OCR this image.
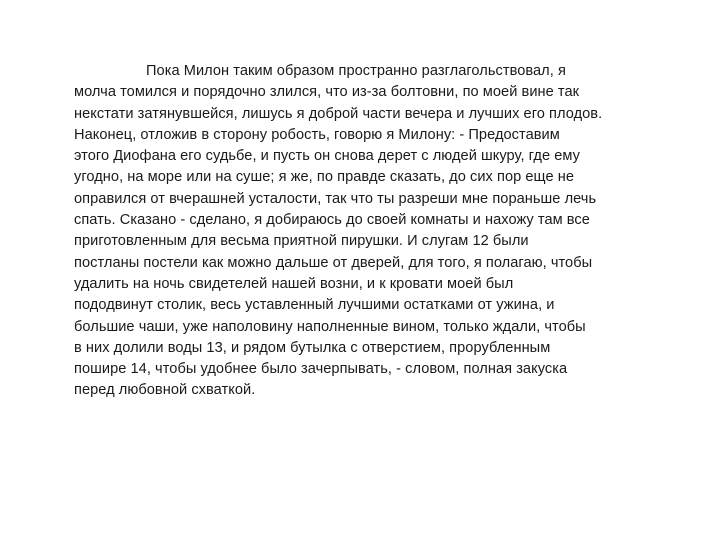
Пока Милон таким образом пространно разглагольствовал, я
молча томился и порядочно злился, что из-за болтовни, по моей вине так
некстати затянувшейся, лишусь я доброй части вечера и лучших его плодов.
Наконец, отложив в сторону робость, говорю я Милону: - Предоставим
этого Диофана его судьбе, и пусть он снова дерет с людей шкуру, где ему
угодно, на море или на суше; я же, по правде сказать, до сих пор еще не
оправился от вчерашней усталости, так что ты разреши мне пораньше лечь
спать. Сказано - сделано, я добираюсь до своей комнаты и нахожу там все
приготовленным для весьма приятной пирушки. И слугам 12 были
постланы постели как можно дальше от дверей, для того, я полагаю, чтобы
удалить на ночь свидетелей нашей возни, и к кровати моей был
пододвинут столик, весь уставленный лучшими остатками от ужина, и
большие чаши, уже наполовину наполненные вином, только ждали, чтобы
в них долили воды 13, и рядом бутылка с отверстием, прорубленным
пошире 14, чтобы удобнее было зачерпывать, - словом, полная закуска
перед любовной схваткой.
